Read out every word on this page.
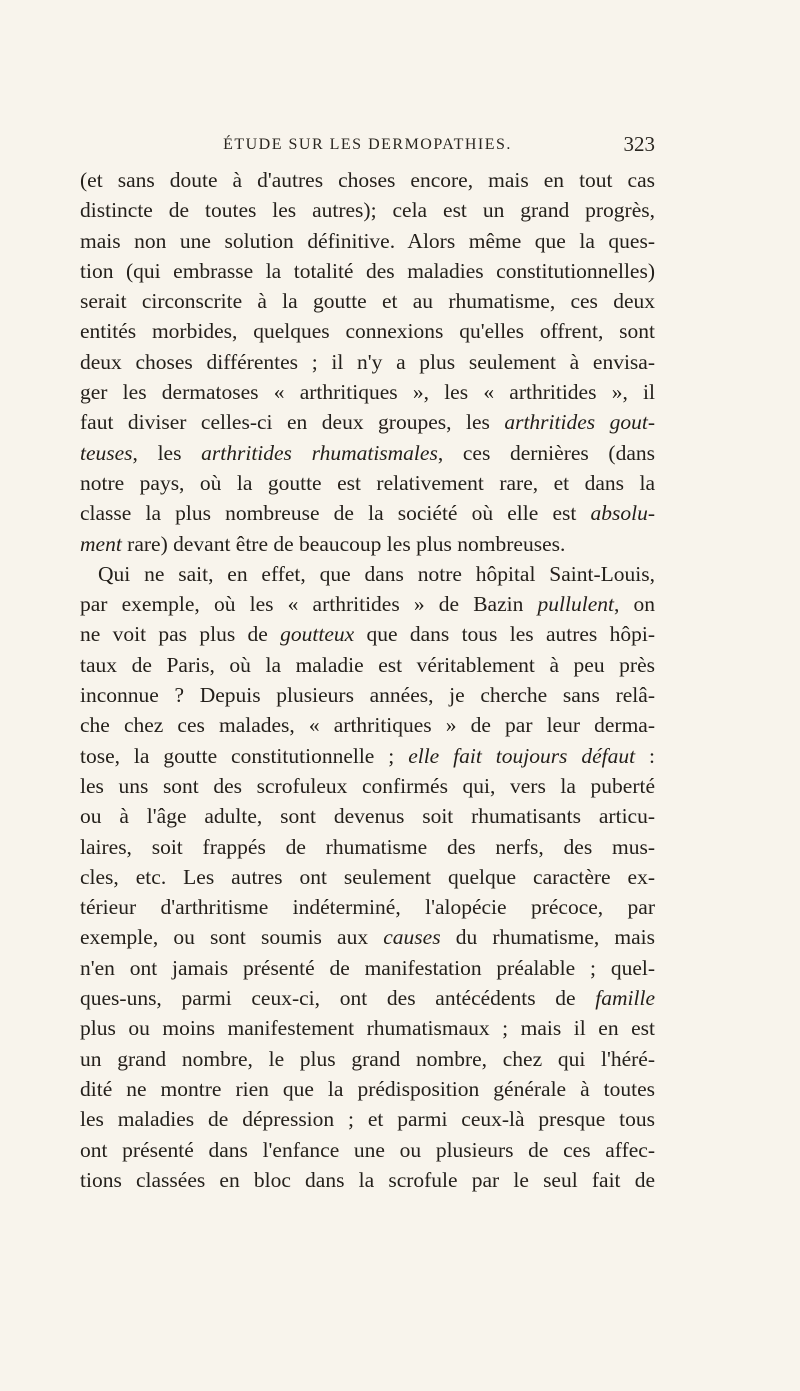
ÉTUDE SUR LES DERMOPATHIES.	323
(et sans doute à d'autres choses encore, mais en tout cas
distincte de toutes les autres); cela est un grand progrès,
mais non une solution définitive. Alors même que la ques-
tion (qui embrasse la totalité des maladies constitutionnelles)
serait circonscrite à la goutte et au rhumatisme, ces deux
entités morbides, quelques connexions qu'elles offrent, sont
deux choses différentes ; il n'y a plus seulement à envisa-
ger les dermatoses « arthritiques », les « arthritides », il
faut diviser celles-ci en deux groupes, les arthritides gout-
teuses, les arthritides rhumatismales, ces dernières (dans
notre pays, où la goutte est relativement rare, et dans la
classe la plus nombreuse de la société où elle est absolu-
ment rare) devant être de beaucoup les plus nombreuses.
Qui ne sait, en effet, que dans notre hôpital Saint-Louis,
par exemple, où les « arthritides » de Bazin pullulent, on
ne voit pas plus de goutteux que dans tous les autres hôpi-
taux de Paris, où la maladie est véritablement à peu près
inconnue ? Depuis plusieurs années, je cherche sans relâ-
che chez ces malades, « arthritiques » de par leur derma-
tose, la goutte constitutionnelle ; elle fait toujours défaut :
les uns sont des scrofuleux confirmés qui, vers la puberté
ou à l'âge adulte, sont devenus soit rhumatisants articu-
laires, soit frappés de rhumatisme des nerfs, des mus-
cles, etc. Les autres ont seulement quelque caractère ex-
térieur d'arthritisme indéterminé, l'alopécie précoce, par
exemple, ou sont soumis aux causes du rhumatisme, mais
n'en ont jamais présenté de manifestation préalable ; quel-
ques-uns, parmi ceux-ci, ont des antécédents de famille
plus ou moins manifestement rhumatismaux ; mais il en est
un grand nombre, le plus grand nombre, chez qui l'héré-
dité ne montre rien que la prédisposition générale à toutes
les maladies de dépression ; et parmi ceux-là presque tous
ont présenté dans l'enfance une ou plusieurs de ces affec-
tions classées en bloc dans la scrofule par le seul fait de
